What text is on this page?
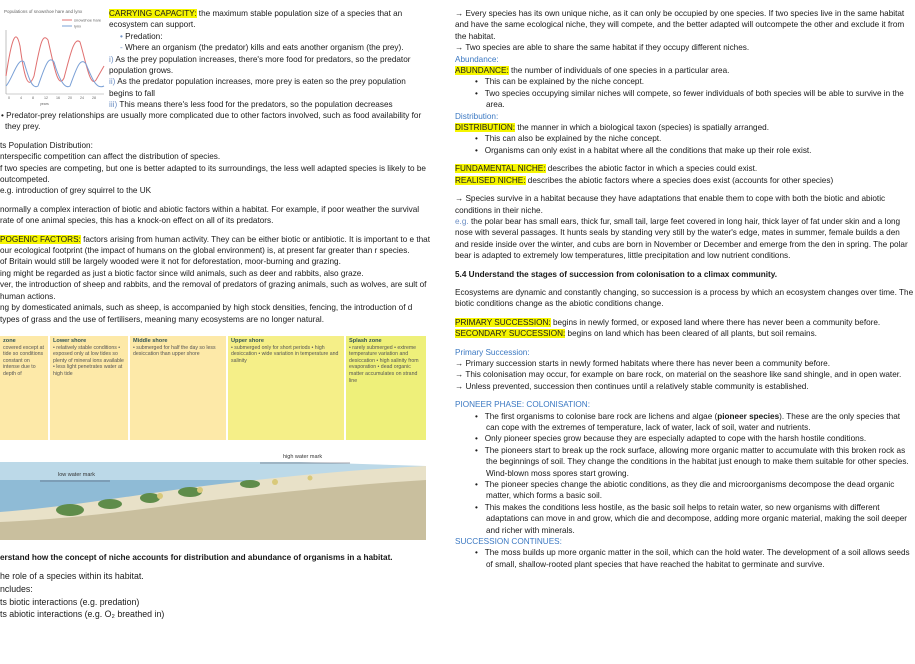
Populations of snowshoe hare and lynx
snowshoe hare
lynx
0	4	8	12 16 20 24 28
years

CARRYING CAPACITY: the maximum stable population size of a species that an ecosystem can support.

• Predation:

- Where an organism (the predator) kills and eats another organism (the prey).

i) As the prey population increases, there's more food for predators, so the predator population grows.

ii) As the predator population increases, more prey is eaten so the prey population begins to fall

iii) This means there's less food for the predators, so the population decreases

• Predator-prey relationships are usually more complicated due to other factors involved, such as food availability for they prey.

ts Population Distribution:

nterspecific competition can affect the distribution of species.

f two species are competing, but one is better adapted to its surroundings, the less well adapted species is likely to be outcompeted.

e.g. introduction of grey squirrel to the UK

normally a complex interaction of biotic and abiotic factors within a habitat. For example, if poor weather the survival rate of one animal species, this has a knock-on effect on all of its predators.

POGENIC FACTORS: factors arising from human activity. They can be either biotic or antibiotic. It is important to e that our ecological footprint (the impact of humans on the global environment) is, at present far greater than r species.

of Britain would still be largely wooded were it not for deforestation, moor-burning and grazing.

ing might be regarded as just a biotic factor since wild animals, such as deer and rabbits, also graze.

ver, the introduction of sheep and rabbits, and the removal of predators of grazing animals, such as wolves, are sult of human actions.

ng by domesticated animals, such as sheep, is accompanied by high stock densities, fencing, the introduction of d types of grass and the use of fertilisers, meaning many ecosystems are no longer natural.

zone
covered except at tide so conditions constant on intense due to depth of
Lower shore
• relatively stable conditions • exposed only at low tides so plenty of mineral ions available • less light penetrates water at high tide
Middle shore
• submerged for half the day so less desiccation than upper shore
Upper shore
• submerged only for short periods • high desiccation • wide variation in temperature and salinity
Splash zone
• rarely submerged • extreme temperature variation and desiccation • high salinity from evaporation • dead organic matter accumulates on strand line
high water mark
low water mark

erstand how the concept of niche accounts for distribution and abundance of organisms in a habitat.

he role of a species within its habitat.

ncludes:

ts biotic interactions (e.g. predation)

ts abiotic interactions (e.g. O₂ breathed in)

→ Every species has its own unique niche, as it can only be occupied by one species. If two species live in the same habitat and have the same ecological niche, they will compete, and the better adapted will outcompete the other and exclude it from the habitat.

→ Two species are able to share the same habitat if they occupy different niches.

Abundance:

ABUNDANCE: the number of individuals of one species in a particular area.

•   This can be explained by the niche concept.

•   Two species occupying similar niches will compete, so fewer individuals of both species will be able to survive in the area.

Distribution:

DISTRIBUTION: the manner in which a biological taxon (species) is spatially arranged.

•   This can also be explained by the niche concept.

•   Organisms can only exist in a habitat where all the conditions that make up their role exist.

FUNDAMENTAL NICHE: describes the abiotic factor in which a species could exist.

REALISED NICHE: describes the abiotic factors where a species does exist (accounts for other species)

→ Species survive in a habitat because they have adaptations that enable them to cope with both the biotic and abiotic conditions in their niche.

e.g. the polar bear has small ears, thick fur, small tail, large feet covered in long hair, thick layer of fat under skin and a long nose with several passages. It hunts seals by standing very still by the water's edge, mates in summer, female builds a den and reside inside over the winter, and cubs are born in November or December and emerge from the den in spring. The polar bear is adapted to extremely low temperatures, little precipitation and low nutrient conditions.

5.4 Understand the stages of succession from colonisation to a climax community.

Ecosystems are dynamic and constantly changing, so succession is a process by which an ecosystem changes over time. The biotic conditions change as the abiotic conditions change.

PRIMARY SUCCESSION: begins in newly formed, or exposed land where there has never been a community before.

SECONDARY SUCCESSION: begins on land which has been cleared of all plants, but soil remains.

Primary Succession:

→ Primary succession starts in newly formed habitats where there has never been a community before.

→ This colonisation may occur, for example on bare rock, on material on the seashore like sand shingle, and in open water.

→ Unless prevented, succession then continues until a relatively stable community is established.

PIONEER PHASE: COLONISATION:

•   The first organisms to colonise bare rock are lichens and algae (pioneer species). These are the only species that can cope with the extremes of temperature, lack of water, lack of soil, water and nutrients.

•   Only pioneer species grow because they are especially adapted to cope with the harsh hostile conditions.

•   The pioneers start to break up the rock surface, allowing more organic matter to accumulate with this broken rock as the beginnings of soil. They change the conditions in the habitat just enough to make them suitable for other species. Wind-blown moss spores start growing.

•   The pioneer species change the abiotic conditions, as they die and microorganisms decompose the dead organic matter, which forms a basic soil.

•   This makes the conditions less hostile, as the basic soil helps to retain water, so new organisms with different adaptations can move in and grow, which die and decompose, adding more organic material, making the soil deeper and richer with minerals.

SUCCESSION CONTINUES:

•   The moss builds up more organic matter in the soil, which can the hold water. The development of a soil allows seeds of small, shallow-rooted plant species that have reached the habitat to germinate and survive.
